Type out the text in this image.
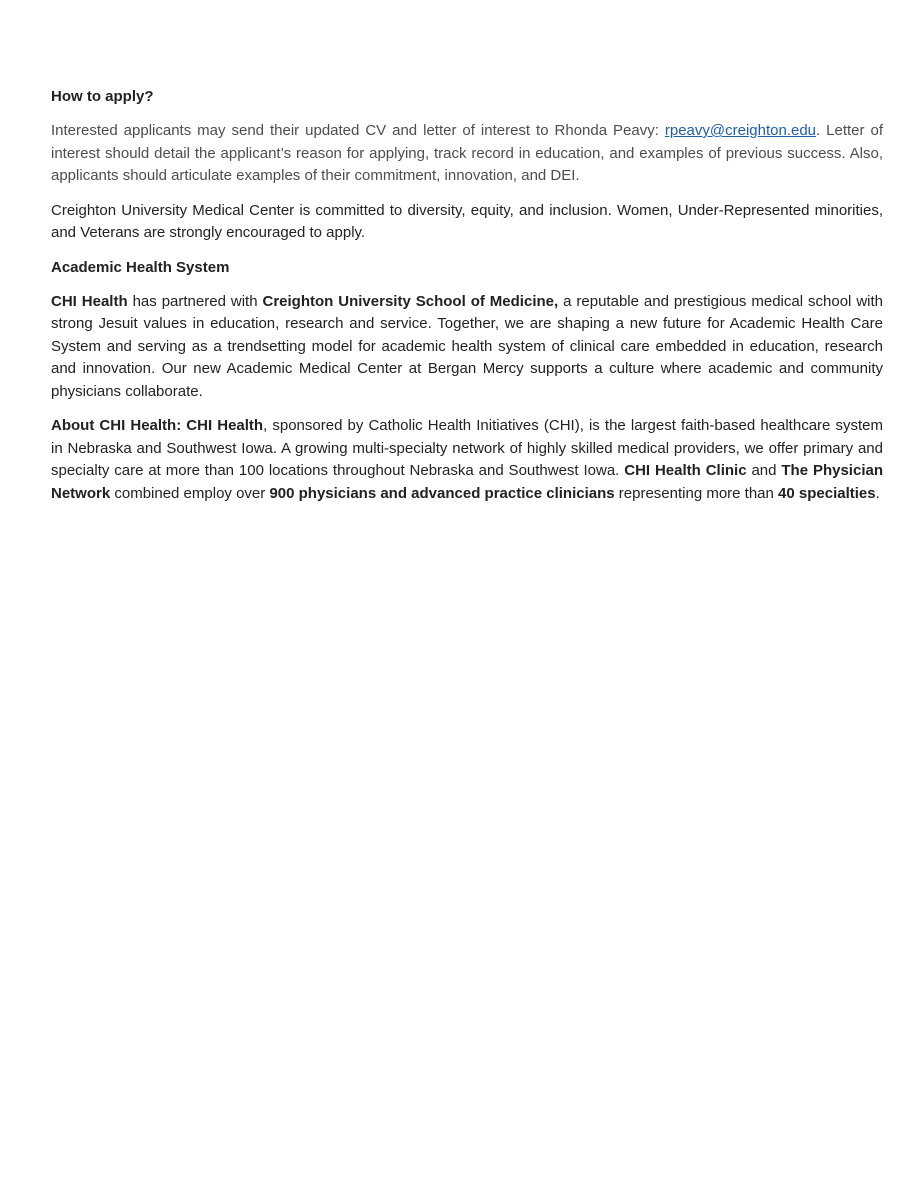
How to apply?

Interested applicants may send their updated CV and letter of interest to Rhonda Peavy: rpeavy@creighton.edu. Letter of interest should detail the applicant’s reason for applying, track record in education, and examples of previous success. Also, applicants should articulate examples of their commitment, innovation, and DEI.

Creighton University Medical Center is committed to diversity, equity, and inclusion. Women, Under-Represented minorities, and Veterans are strongly encouraged to apply.

Academic Health System

CHI Health has partnered with Creighton University School of Medicine, a reputable and prestigious medical school with strong Jesuit values in education, research and service. Together, we are shaping a new future for Academic Health Care System and serving as a trendsetting model for academic health system of clinical care embedded in education, research and innovation. Our new Academic Medical Center at Bergan Mercy supports a culture where academic and community physicians collaborate.

About CHI Health: CHI Health, sponsored by Catholic Health Initiatives (CHI), is the largest faith-based healthcare system in Nebraska and Southwest Iowa. A growing multi-specialty network of highly skilled medical providers, we offer primary and specialty care at more than 100 locations throughout Nebraska and Southwest Iowa. CHI Health Clinic and The Physician Network combined employ over 900 physicians and advanced practice clinicians representing more than 40 specialties.
